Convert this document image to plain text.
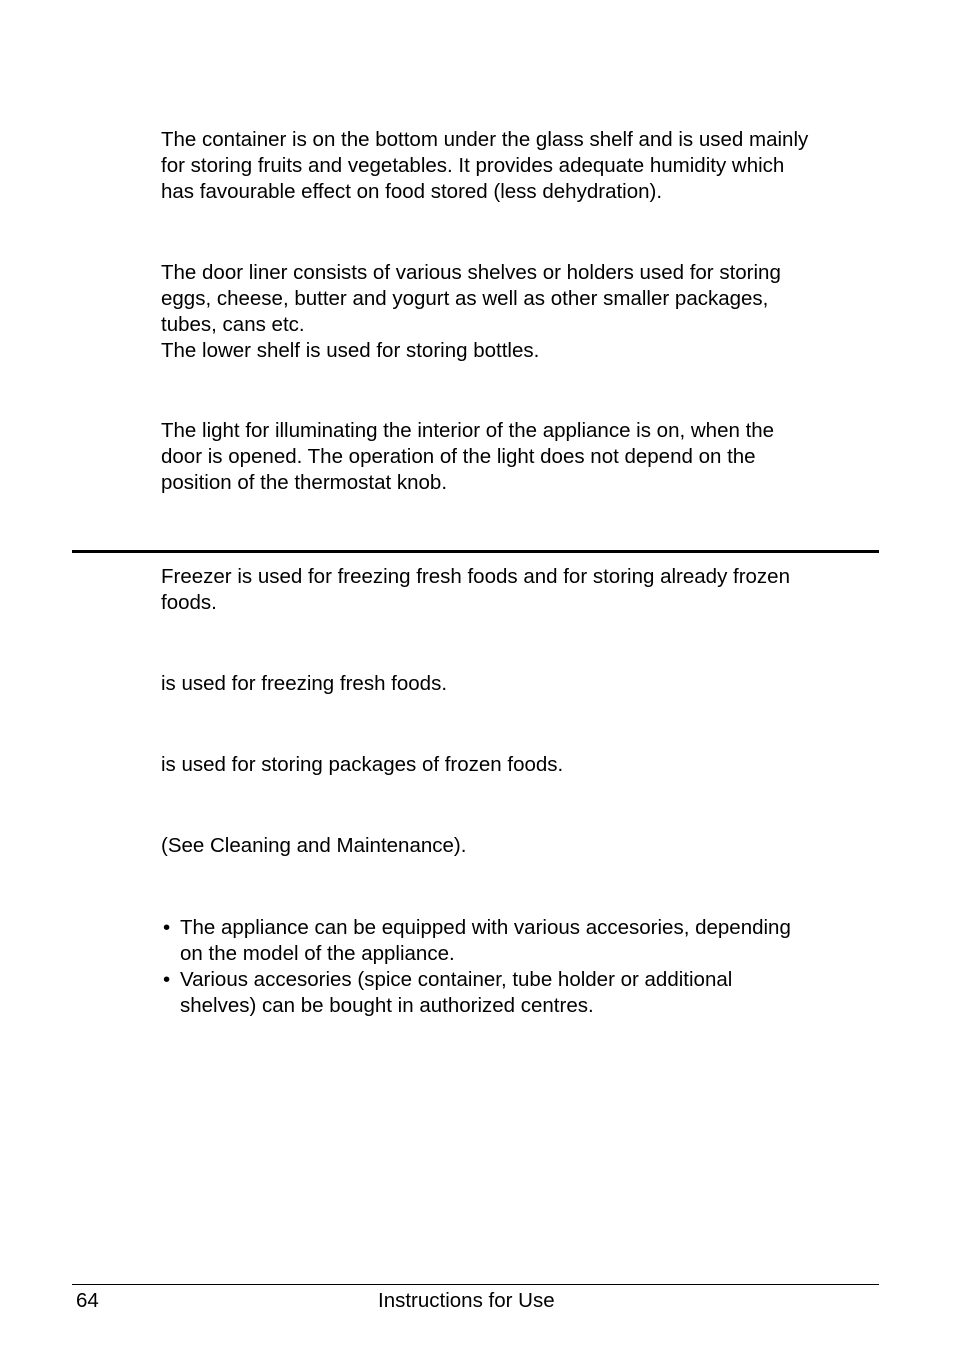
The container is on the bottom under the glass shelf and is used mainly
for storing fruits and vegetables. It provides adequate humidity which
has favourable effect on food stored (less dehydration).
The door liner consists of various shelves or holders used for storing
eggs, cheese, butter and yogurt as well as other smaller packages,
tubes, cans etc.
The lower shelf is used for storing bottles.
The light for illuminating the interior of the appliance is on, when the
door is opened. The operation of the light does not depend on the
position of the thermostat knob.
Freezer is used for freezing fresh foods and for storing already frozen
foods.
is used for freezing fresh foods.
is used for storing packages of frozen foods.
(See Cleaning and Maintenance).
• The appliance can be equipped with various accesories, depending
on the model of the appliance.
• Various accesories (spice container, tube holder or additional
shelves) can be bought in authorized centres.
64	Instructions for Use
